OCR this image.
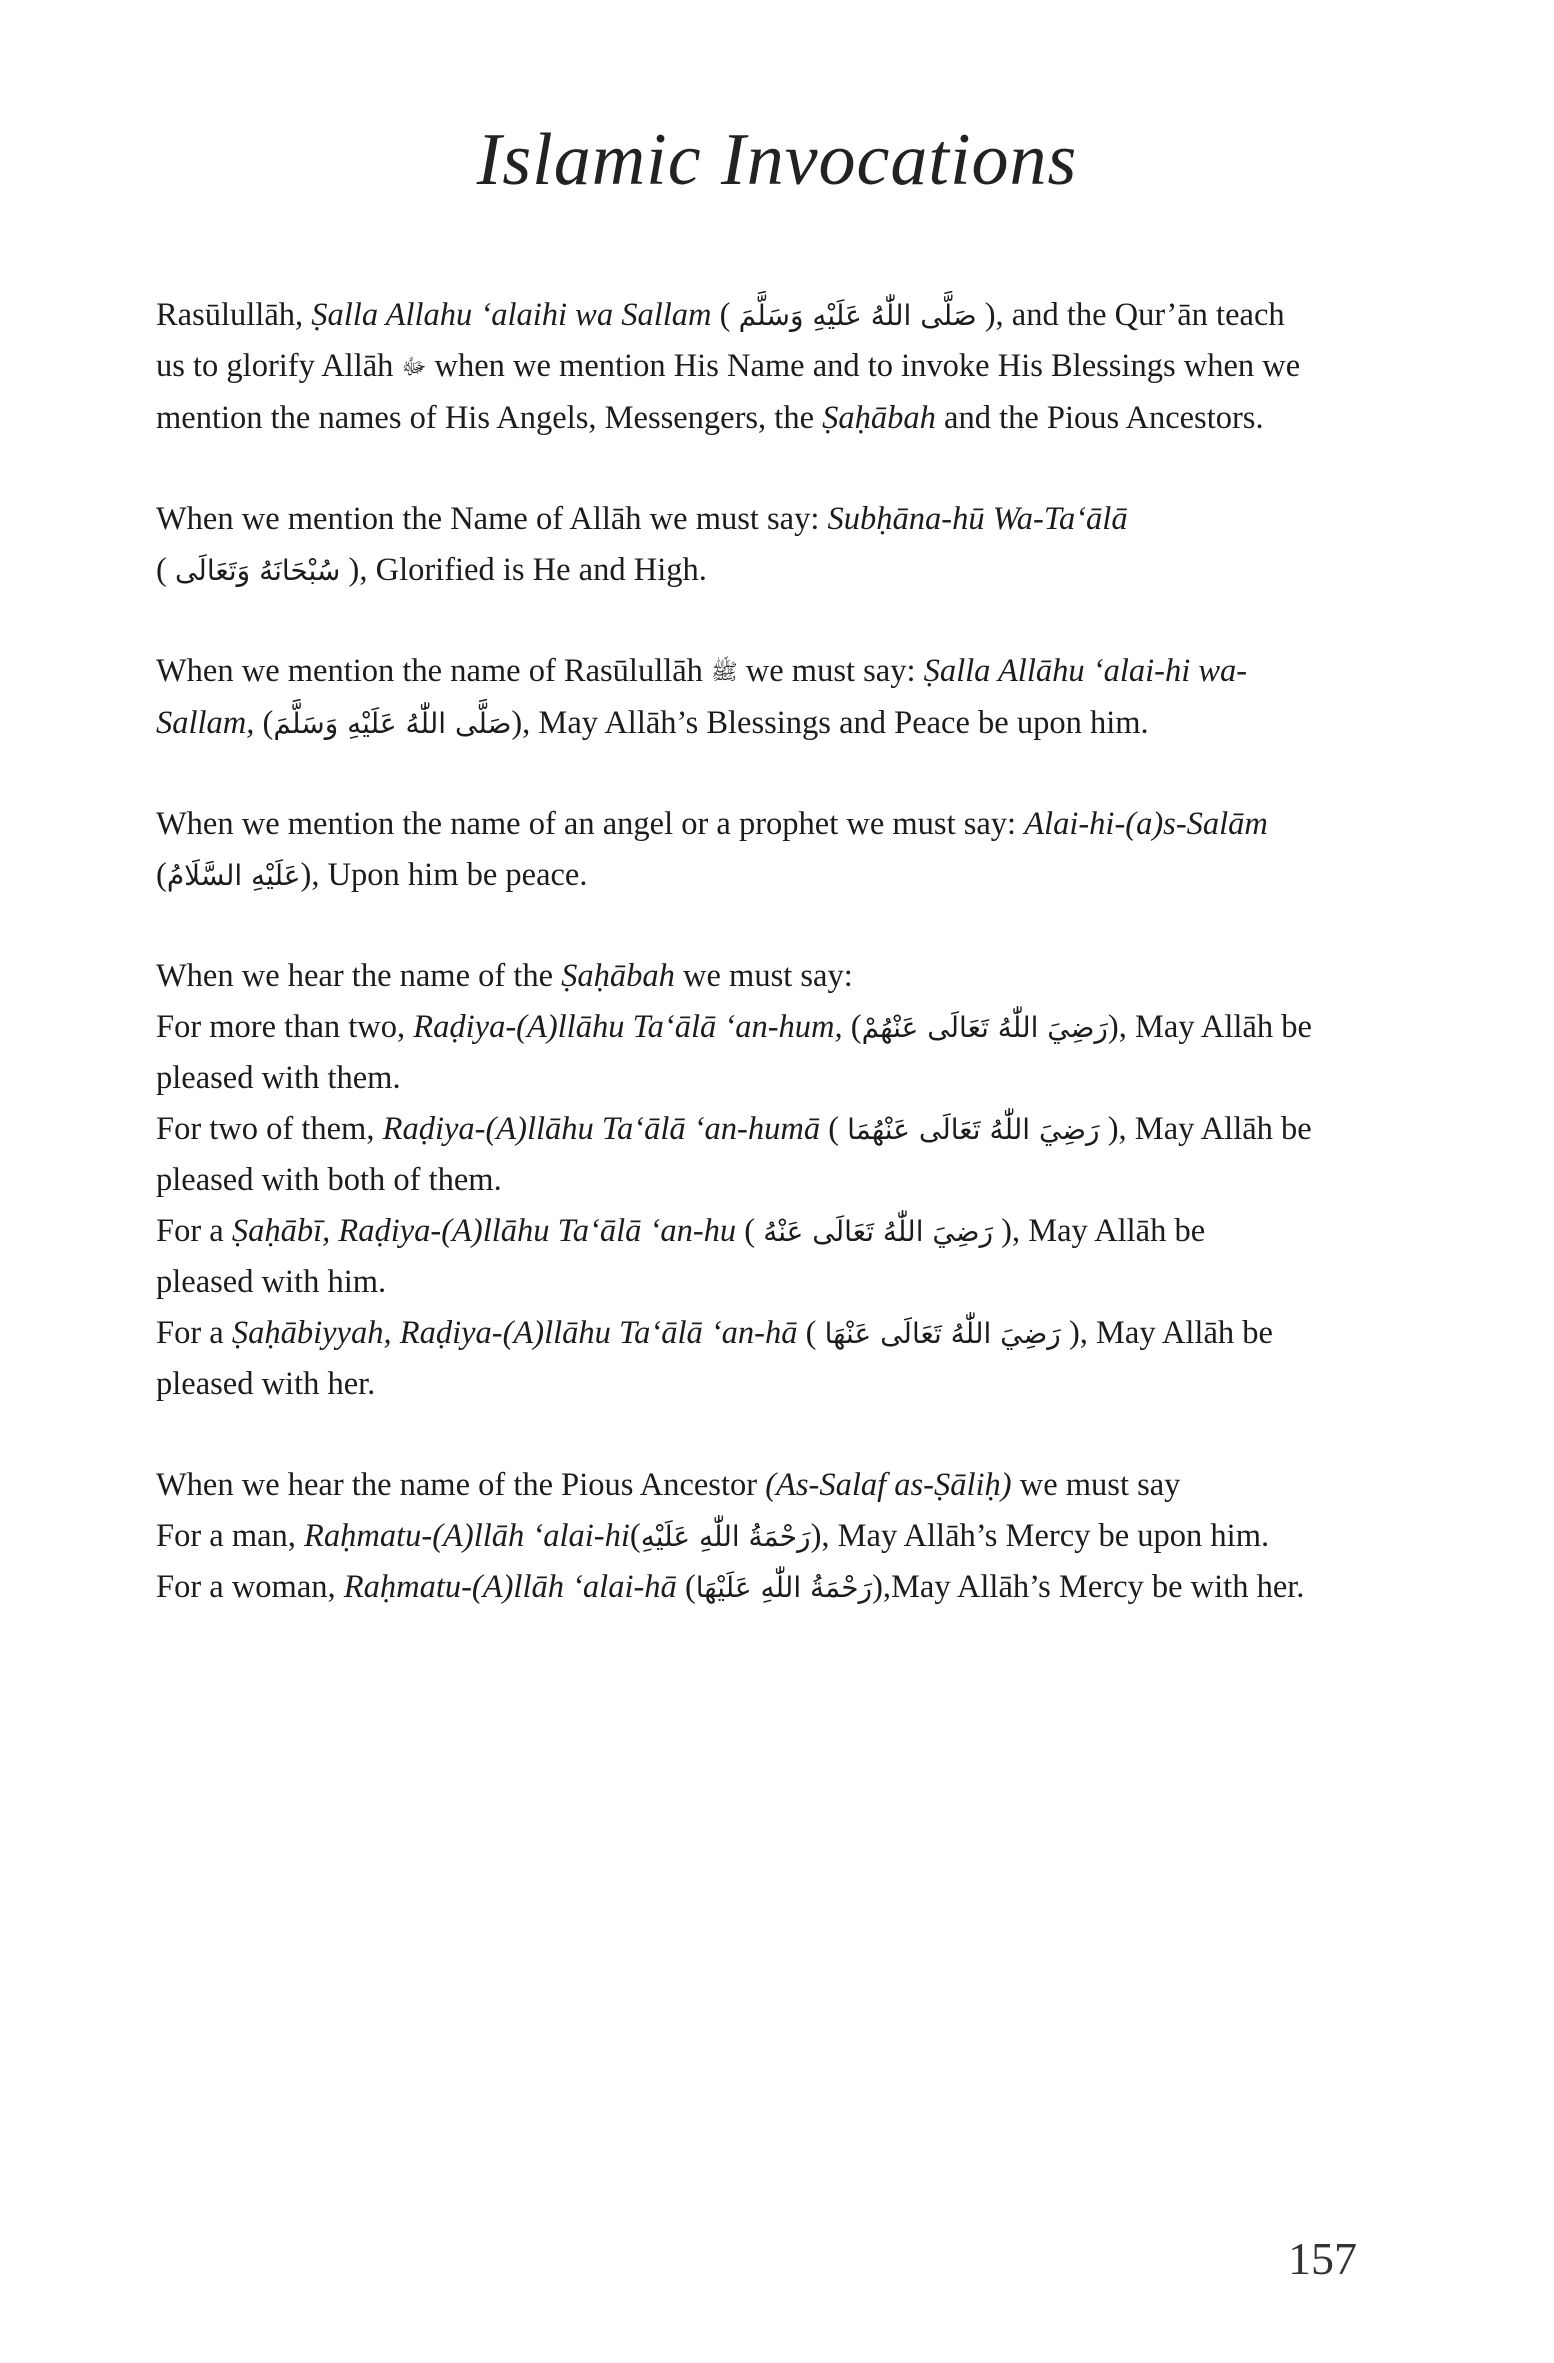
Islamic Invocations

Rasūlullāh, Ṣalla Allahu ‘alaihi wa Sallam ( صَلَّى اللّٰهُ عَلَيْهِ وَسَلَّمَ ), and the Qur’ān teach
us to glorify Allāh ﷻ when we mention His Name and to invoke His Blessings when we
mention the names of His Angels, Messengers, the Ṣaḥābah and the Pious Ancestors.

When we mention the Name of Allāh we must say: Subḥāna-hū Wa-Ta‘ālā
( سُبْحَانَهُ وَتَعَالَى ), Glorified is He and High.

When we mention the name of Rasūlullāh ﷺ we must say: Ṣalla Allāhu ‘alai-hi wa-
Sallam, (صَلَّى اللّٰهُ عَلَيْهِ وَسَلَّمَ), May Allāh’s Blessings and Peace be upon him.

When we mention the name of an angel or a prophet we must say: Alai-hi-(a)s-Salām
(عَلَيْهِ السَّلَامُ), Upon him be peace.

When we hear the name of the Ṣaḥābah we must say:
For more than two, Raḍiya-(A)llāhu Ta‘ālā ‘an-hum, (رَضِيَ اللّٰهُ تَعَالَى عَنْهُمْ), May Allāh be
pleased with them.
For two of them, Raḍiya-(A)llāhu Ta‘ālā ‘an-humā ( رَضِيَ اللّٰهُ تَعَالَى عَنْهُمَا ), May Allāh be
pleased with both of them.
For a Ṣaḥābī, Raḍiya-(A)llāhu Ta‘ālā ‘an-hu ( رَضِيَ اللّٰهُ تَعَالَى عَنْهُ ), May Allāh be
pleased with him.
For a Ṣaḥābiyyah, Raḍiya-(A)llāhu Ta‘ālā ‘an-hā ( رَضِيَ اللّٰهُ تَعَالَى عَنْهَا ), May Allāh be
pleased with her.

When we hear the name of the Pious Ancestor (As-Salaf as-Ṣāliḥ) we must say
For a man, Raḥmatu-(A)llāh ‘alai-hi(رَحْمَةُ اللّٰهِ عَلَيْهِ), May Allāh’s Mercy be upon him.
For a woman, Raḥmatu-(A)llāh ‘alai-hā (رَحْمَةُ اللّٰهِ عَلَيْهَا),May Allāh’s Mercy be with her.

157
